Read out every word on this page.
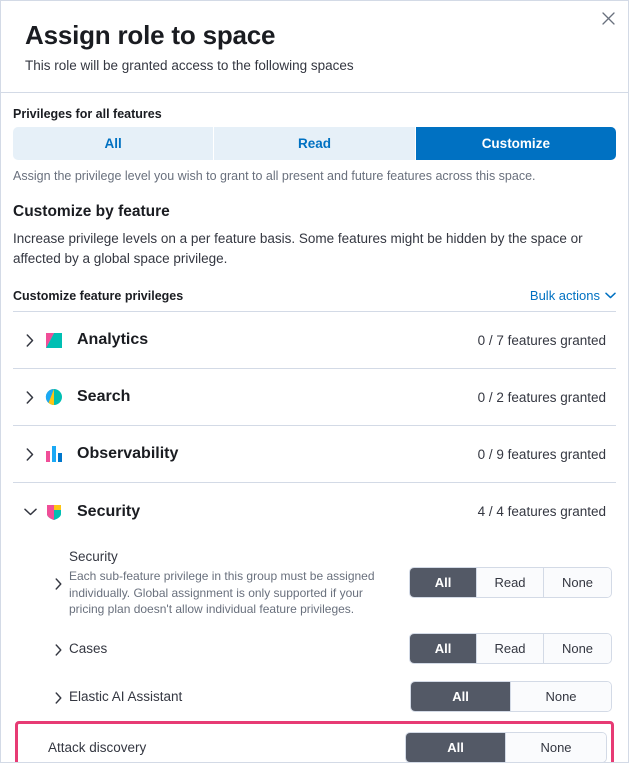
Assign role to space

This role will be granted access to the following spaces

Privileges for all features
All	Read	Customize
Assign the privilege level you wish to grant to all present and future features across this space.
Customize by feature
Increase privilege levels on a per feature basis. Some features might be hidden by the space or affected by a global space privilege.
Customize feature privileges	Bulk actions
Analytics	0 / 7 features granted
Search	0 / 2 features granted
Observability	0 / 9 features granted
Security	4 / 4 features granted
Security
Each sub-feature privilege in this group must be assigned individually. Global assignment is only supported if your pricing plan doesn't allow individual feature privileges.
All	Read	None
Cases	All	Read	None
Elastic AI Assistant	All	None
Attack discovery	All	None
